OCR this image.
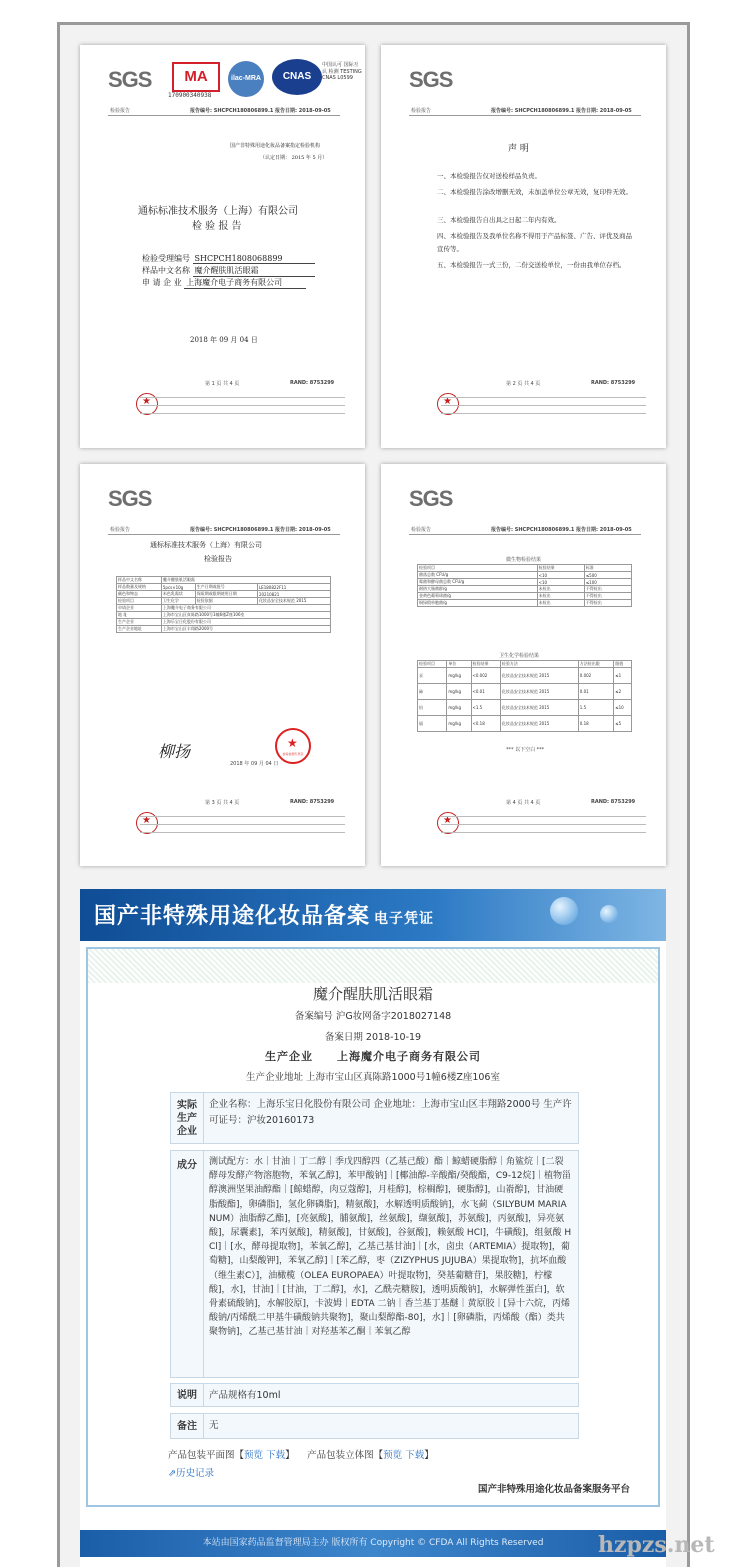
SGS	MA
170900340938
ilac-MRA	CNAS
中国认可 国际互认 检测 TESTING CNAS L0599
检验报告	报告编号: SHCPCH180806899.1 报告日期: 2018-09-05
国产非特殊用途化妆品备案指定检验机构
（认定日期： 2015 年 5 月）
通标标准技术服务（上海）有限公司
检 验 报 告
检验受理编号 SHCPCH1808068899
样品中文名称 魔介醒肤肌活眼霜
申 请 企 业 上海魔介电子商务有限公司
2018 年 09 月 04 日
第 1 页 共 4 页	RAND: 8753299
★
SGS
检验报告	报告编号: SHCPCH180806899.1 报告日期: 2018-09-05
声 明
一、本检验报告仅对送检样品负责。
二、本检验报告涂改增删无效，未加盖单位公章无效，复印件无效。
三、本检验报告自出具之日起二年内有效。
四、本检验报告及我单位名称不得用于产品标签、广告、评优及商品宣传等。
五、本检验报告一式三份，二份交送检单位，一份由我单位存档。
第 2 页 共 4 页	RAND: 8753299
★
SGS
检验报告	报告编号: SHCPCH180806899.1 报告日期: 2018-09-05
通标标准技术服务（上海）有限公司
检验报告
样品中文名称	魔介醒肤肌活眼霜		
样品数量及规格	5pcs×10g	生产日期或批号	LE180822F11
颜色和物态	米色乳霜状	保质期或限期使用日期	20210821
检验项目	卫生化学	检验依据	化妆品安全技术规范 2015
申请企业	上海魔介电子商务有限公司		
地 址	上海市宝山区真陈路1000号1幢6楼Z座106室		
生产企业	上海乐宝日化股份有限公司		
生产企业地址	上海市宝山区丰翔路2000号		
柳扬	★
检验检测专用章
2018 年 09 月 04 日
第 3 页 共 4 页	RAND: 8753299
★
SGS
检验报告	报告编号: SHCPCH180806899.1 报告日期: 2018-09-05
微生物检验结果
检验项目	检验结果	标准
菌落总数 CFU/g	<10	≤500
霉菌和酵母菌总数 CFU/g	<10	≤100
耐热大肠菌群/g	未检出	不得检出
金黄色葡萄球菌/g	未检出	不得检出
铜绿假单胞菌/g	未检出	不得检出
卫生化学检验结果
检验项目	单位	检验结果	检验方法	方法检出限	限值
汞	mg/kg	<0.002	化妆品安全技术规范 2015	0.002	≤1
砷	mg/kg	<0.01	化妆品安全技术规范 2015	0.01	≤2
铅	mg/kg	<1.5	化妆品安全技术规范 2015	1.5	≤10
镉	mg/kg	<0.18	化妆品安全技术规范 2015	0.18	≤5
*** 以下空白 ***
第 4 页 共 4 页	RAND: 8753299
★
国产非特殊用途化妆品备案 电子凭证
魔介醒肤肌活眼霜
备案编号 沪G妆网备字2018027148
备案日期 2018-10-19
生产企业　　 上海魔介电子商务有限公司
生产企业地址 上海市宝山区真陈路1000号1幢6楼Z座106室
实际生产企业
企业名称：上海乐宝日化股份有限公司 企业地址：上海市宝山区丰翔路2000号 生产许可证号：沪妆20160173
成分	测试配方：水｜甘油｜丁二醇｜季戊四醇四（乙基己酸）酯｜鲸蜡硬脂醇｜角鲨烷｜[二裂酵母发酵产物溶胞物，苯氧乙醇]，苯甲酸钠]｜[椰油醇-辛酸酯/癸酸酯，C9-12烷]｜植物甾醇澳洲坚果油醇酯｜[鲸蜡醇，肉豆蔻醇]，月桂醇]，棕榈醇]，硬脂醇]，山嵛醇]，甘油硬脂酸酯]，卵磷脂]，氢化卵磷脂]，精氨酸]，水解透明质酸钠]，水飞蓟（SILYBUM MARIANUM）油脂醇乙酯]，[亮氨酸]，脯氨酸]，丝氨酸]，缬氨酸]，苏氨酸]，丙氨酸]，异亮氨酸]，尿囊素]，苯丙氨酸]，精氨酸]，甘氨酸]，谷氨酸]，赖氨酸 HCl]，牛磺酸]，组氨酸 HCl]｜[水，酵母提取物]，苯氧乙醇]，乙基己基甘油]｜[水，卤虫（ARTEMIA）提取物]，葡萄糖]，山梨酸钾]，苯氧乙醇]｜[苯乙醇，枣（ZIZYPHUS JUJUBA）果提取物]，抗坏血酸（维生素C）]，油橄榄（OLEA EUROPAEA）叶提取物]，癸基葡糖苷]，果胶糖]，柠檬酸]，水]，甘油]｜[甘油，丁二醇]，水]，乙酰壳糖胺]，透明质酸钠]，水解弹性蛋白]，软骨素硫酸钠]，水解胶原]，卡波姆｜EDTA 二钠｜香兰基丁基醚｜黄原胶｜[异十六烷，丙烯酸钠/丙烯酰二甲基牛磺酸钠共聚物]，聚山梨醇酯-80]，水]｜[卵磷脂，丙烯酸（酯）类共聚物钠]，乙基己基甘油｜对羟基苯乙酮｜苯氧乙醇
说明	产品规格有10ml
备注	无
产品包装平面图【预览 下载】 　 产品包装立体图【预览 下载】
⇗历史记录
国产非特殊用途化妆品备案服务平台
本站由国家药品监督管理局主办 版权所有 Copyright © CFDA All Rights Reserved	hzpzs.net
